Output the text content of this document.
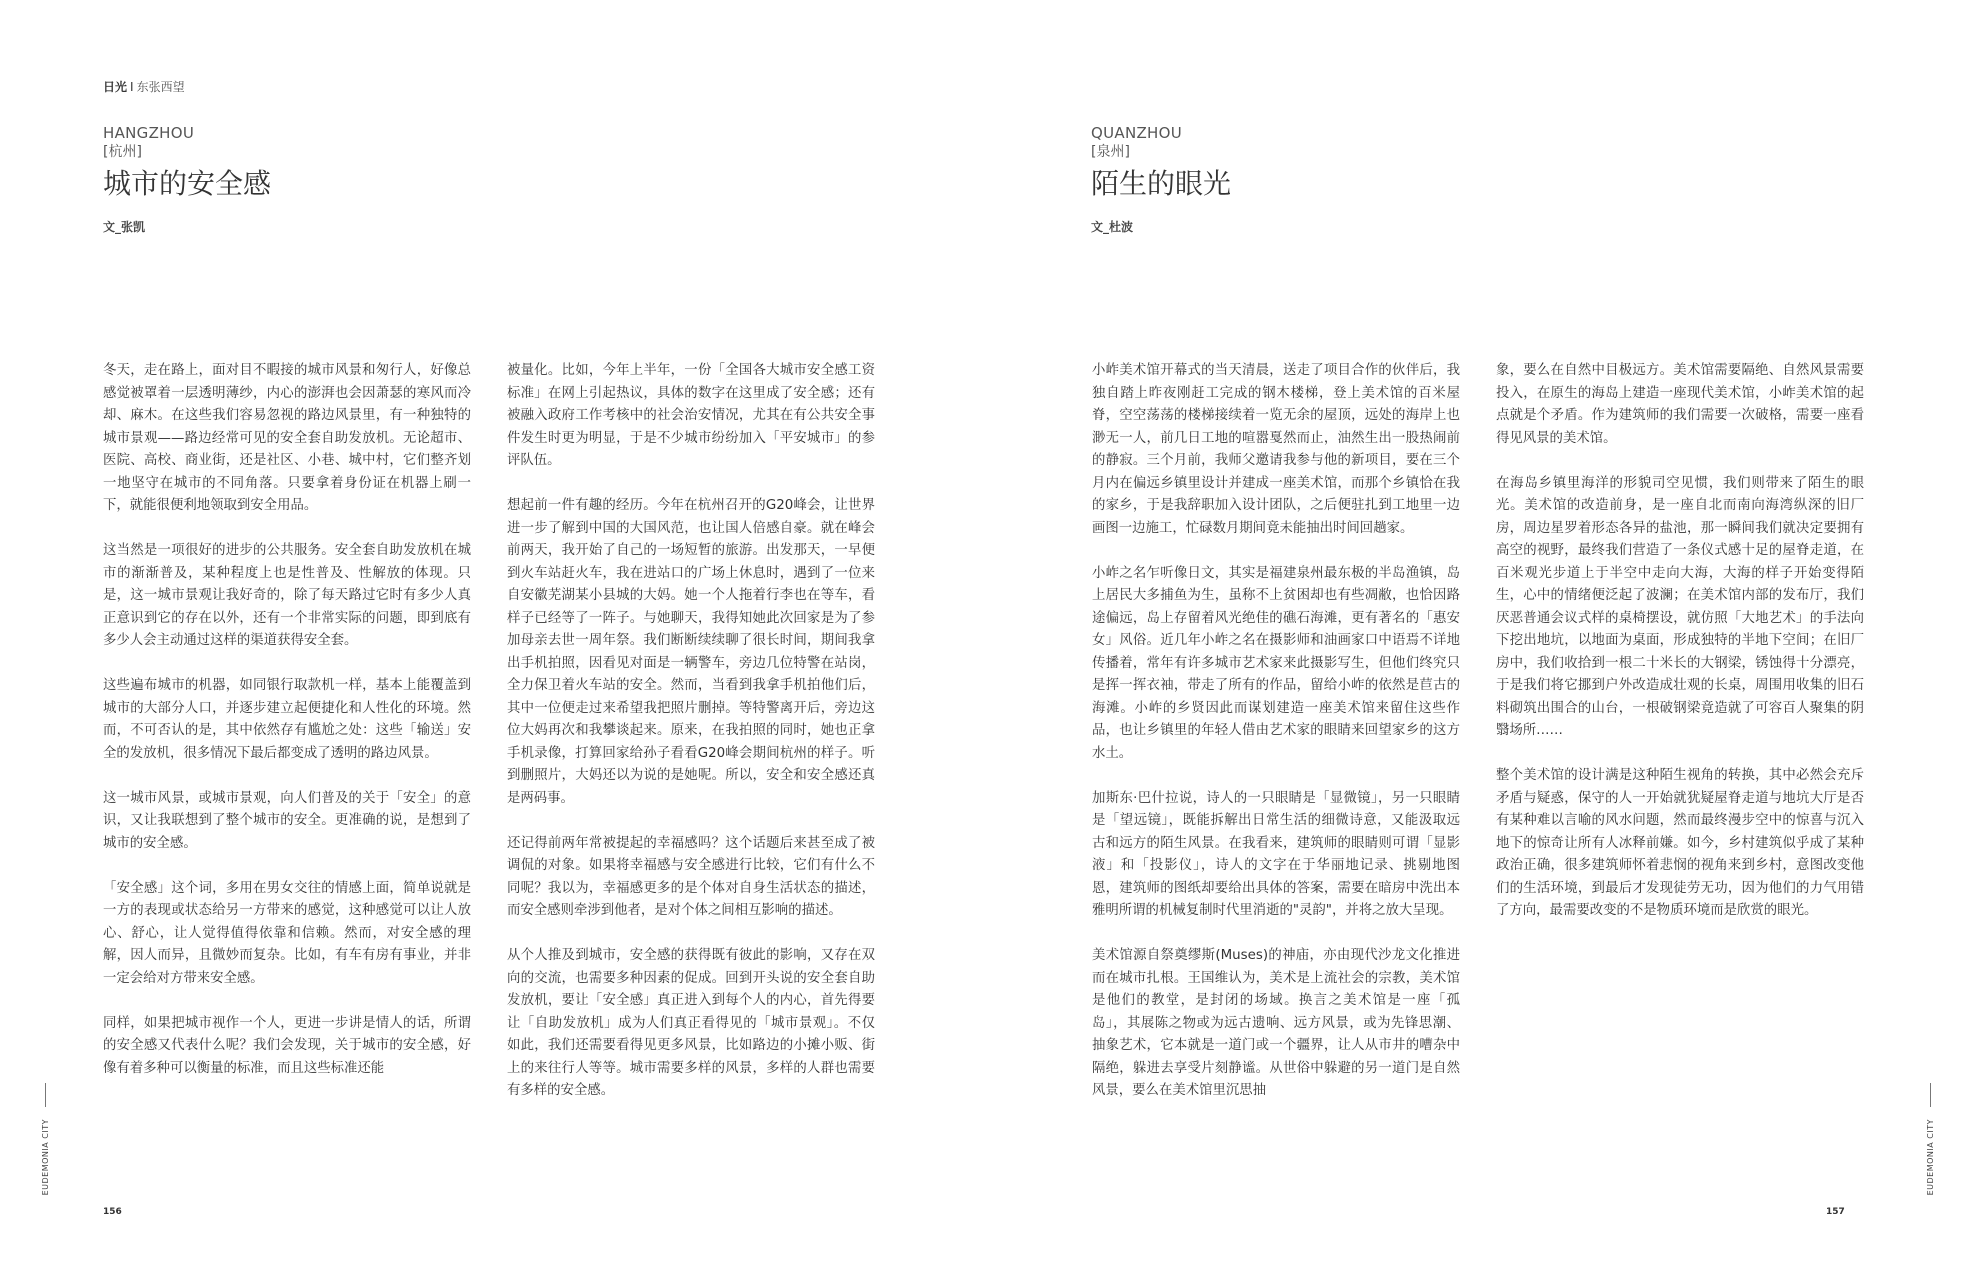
日光 I 东张西望
HANGZHOU
[杭州]
城市的安全感
文_张凯

冬天，走在路上，面对目不暇接的城市风景和匆行人，好像总感觉被罩着一层透明薄纱，内心的澎湃也会因萧瑟的寒风而冷却、麻木。在这些我们容易忽视的路边风景里，有一种独特的城市景观——路边经常可见的安全套自助发放机。无论超市、医院、高校、商业街，还是社区、小巷、城中村，它们整齐划一地坚守在城市的不同角落。只要拿着身份证在机器上刷一下，就能很便利地领取到安全用品。

这当然是一项很好的进步的公共服务。安全套自助发放机在城市的渐渐普及，某种程度上也是性普及、性解放的体现。只是，这一城市景观让我好奇的，除了每天路过它时有多少人真正意识到它的存在以外，还有一个非常实际的问题，即到底有多少人会主动通过这样的渠道获得安全套。

这些遍布城市的机器，如同银行取款机一样，基本上能覆盖到城市的大部分人口，并逐步建立起便捷化和人性化的环境。然而，不可否认的是，其中依然存有尴尬之处：这些「输送」安全的发放机，很多情况下最后都变成了透明的路边风景。

这一城市风景，或城市景观，向人们普及的关于「安全」的意识，又让我联想到了整个城市的安全。更准确的说，是想到了城市的安全感。

「安全感」这个词，多用在男女交往的情感上面，简单说就是一方的表现或状态给另一方带来的感觉，这种感觉可以让人放心、舒心，让人觉得值得依靠和信赖。然而，对安全感的理解，因人而异，且微妙而复杂。比如，有车有房有事业，并非一定会给对方带来安全感。

同样，如果把城市视作一个人，更进一步讲是情人的话，所谓的安全感又代表什么呢？我们会发现，关于城市的安全感，好像有着多种可以衡量的标准，而且这些标准还能

被量化。比如，今年上半年，一份「全国各大城市安全感工资标准」在网上引起热议，具体的数字在这里成了安全感；还有被融入政府工作考核中的社会治安情况，尤其在有公共安全事件发生时更为明显，于是不少城市纷纷加入「平安城市」的参评队伍。

想起前一件有趣的经历。今年在杭州召开的G20峰会，让世界进一步了解到中国的大国风范，也让国人倍感自豪。就在峰会前两天，我开始了自己的一场短暂的旅游。出发那天，一早便到火车站赶火车，我在进站口的广场上休息时，遇到了一位来自安徽芜湖某小县城的大妈。她一个人拖着行李也在等车，看样子已经等了一阵子。与她聊天，我得知她此次回家是为了参加母亲去世一周年祭。我们断断续续聊了很长时间，期间我拿出手机拍照，因看见对面是一辆警车，旁边几位特警在站岗，全力保卫着火车站的安全。然而，当看到我拿手机拍他们后，其中一位便走过来希望我把照片删掉。等特警离开后，旁边这位大妈再次和我攀谈起来。原来，在我拍照的同时，她也正拿手机录像，打算回家给孙子看看G20峰会期间杭州的样子。听到删照片，大妈还以为说的是她呢。所以，安全和安全感还真是两码事。

还记得前两年常被提起的幸福感吗？这个话题后来甚至成了被调侃的对象。如果将幸福感与安全感进行比较，它们有什么不同呢？我以为，幸福感更多的是个体对自身生活状态的描述，而安全感则牵涉到他者，是对个体之间相互影响的描述。

从个人推及到城市，安全感的获得既有彼此的影响，又存在双向的交流，也需要多种因素的促成。回到开头说的安全套自助发放机，要让「安全感」真正进入到每个人的内心，首先得要让「自助发放机」成为人们真正看得见的「城市景观」。不仅如此，我们还需要看得见更多风景，比如路边的小摊小贩、街上的来往行人等等。城市需要多样的风景，多样的人群也需要有多样的安全感。

EUDEMONIA CITY
156
QUANZHOU
[泉州]
陌生的眼光
文_杜波

小岞美术馆开幕式的当天清晨，送走了项目合作的伙伴后，我独自踏上昨夜刚赶工完成的钢木楼梯，登上美术馆的百米屋脊，空空荡荡的楼梯接续着一览无余的屋顶，远处的海岸上也渺无一人，前几日工地的喧嚣戛然而止，油然生出一股热闹前的静寂。三个月前，我师父邀请我参与他的新项目，要在三个月内在偏远乡镇里设计并建成一座美术馆，而那个乡镇恰在我的家乡，于是我辞职加入设计团队，之后便驻扎到工地里一边画图一边施工，忙碌数月期间竟未能抽出时间回趟家。

小岞之名乍听像日文，其实是福建泉州最东极的半岛渔镇，岛上居民大多捕鱼为生，虽称不上贫困却也有些凋敝，也恰因路途偏远，岛上存留着风光绝佳的礁石海滩，更有著名的「惠安女」风俗。近几年小岞之名在摄影师和油画家口中语焉不详地传播着，常年有许多城市艺术家来此摄影写生，但他们终究只是挥一挥衣袖，带走了所有的作品，留给小岞的依然是苣古的海滩。小岞的乡贤因此而谋划建造一座美术馆来留住这些作品，也让乡镇里的年轻人借由艺术家的眼睛来回望家乡的这方水土。

加斯东·巴什拉说，诗人的一只眼睛是「显微镜」，另一只眼睛是「望远镜」，既能拆解出日常生活的细微诗意，又能汲取远古和远方的陌生风景。在我看来，建筑师的眼睛则可谓「显影液」和「投影仪」，诗人的文字在于华丽地记录、挑剔地图恩，建筑师的图纸却要给出具体的答案，需要在暗房中洗出本雅明所谓的机械复制时代里消逝的"灵韵"，并将之放大呈现。

美术馆源自祭奠缪斯(Muses)的神庙，亦由现代沙龙文化推进而在城市扎根。王国维认为，美术是上流社会的宗教，美术馆是他们的教堂，是封闭的场域。换言之美术馆是一座「孤岛」，其展陈之物或为远古遗响、远方风景，或为先锋思潮、抽象艺术，它本就是一道门或一个疆界，让人从市井的嘈杂中隔绝，躲进去享受片刻静谧。从世俗中躲避的另一道门是自然风景，要么在美术馆里沉思抽

象，要么在自然中目极远方。美术馆需要隔绝、自然风景需要投入，在原生的海岛上建造一座现代美术馆，小岞美术馆的起点就是个矛盾。作为建筑师的我们需要一次破格，需要一座看得见风景的美术馆。

在海岛乡镇里海洋的形貌司空见惯，我们则带来了陌生的眼光。美术馆的改造前身，是一座自北而南向海湾纵深的旧厂房，周边星罗着形态各异的盐池，那一瞬间我们就决定要拥有高空的视野，最终我们营造了一条仪式感十足的屋脊走道，在百米观光步道上于半空中走向大海，大海的样子开始变得陌生，心中的情绪便泛起了波澜；在美术馆内部的发布厅，我们厌恶普通会议式样的桌椅摆设，就仿照「大地艺术」的手法向下挖出地坑，以地面为桌面，形成独特的半地下空间；在旧厂房中，我们收拾到一根二十米长的大钢梁，锈蚀得十分漂亮，于是我们将它挪到户外改造成壮观的长桌，周围用收集的旧石料砌筑出围合的山台，一根破钢梁竟造就了可容百人聚集的阴翳场所……

整个美术馆的设计满是这种陌生视角的转换，其中必然会充斥矛盾与疑惑，保守的人一开始就犹疑屋脊走道与地坑大厅是否有某种难以言喻的风水问题，然而最终漫步空中的惊喜与沉入地下的惊奇让所有人冰释前嫌。如今，乡村建筑似乎成了某种政治正确，很多建筑师怀着悲悯的视角来到乡村，意图改变他们的生活环境，到最后才发现徒劳无功，因为他们的力气用错了方向，最需要改变的不是物质环境而是欣赏的眼光。

EUDEMONIA CITY
157
